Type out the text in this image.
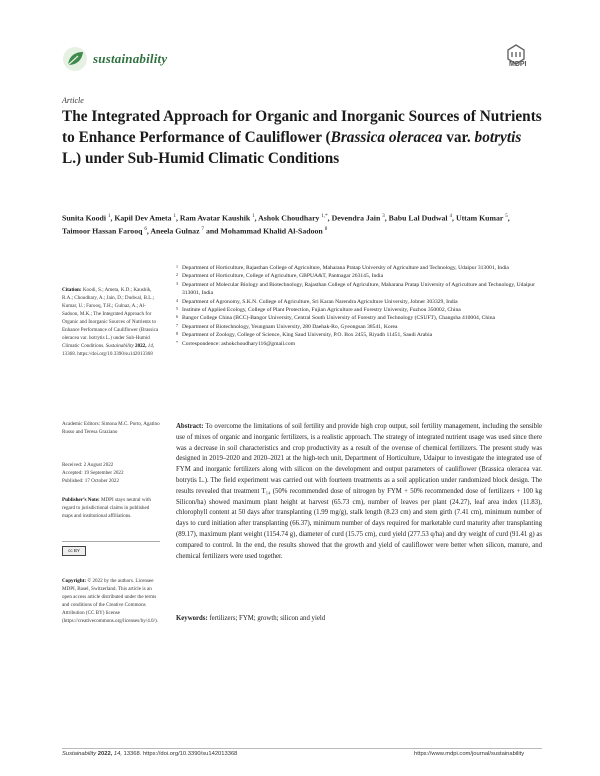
sustainability	MDPI
Article
The Integrated Approach for Organic and Inorganic Sources of Nutrients to Enhance Performance of Cauliflower (Brassica oleracea var. botrytis L.) under Sub-Humid Climatic Conditions
Sunita Koodi $^1$, Kapil Dev Ameta $^1$, Ram Avatar Kaushik $^1$, Ashok Choudhary $^{1,*}$, Devendra Jain $^3$, Babu Lal Dudwal $^4$, Uttam Kumar $^5$, Taimoor Hassan Farooq $^6$, Aneela Gulnaz $^7$ and Mohammad Khalid Al-Sadoon $^8$
1 Department of Horticulture, Rajasthan College of Agriculture, Maharana Pratap University of Agriculture and Technology, Udaipur 313001, India
2 Department of Horticulture, College of Agriculture, GBPUA&T, Pantnagar 263145, India
3 Department of Molecular Biology and Biotechnology, Rajasthan College of Agriculture, Maharana Pratap University of Agriculture and Technology, Udaipur 313001, India
4 Department of Agronomy, S.K.N. College of Agriculture, Sri Karan Narendra Agriculture University, Jobner 303329, India
5 Institute of Applied Ecology, College of Plant Protection, Fujian Agriculture and Forestry University, Fuzhou 350002, China
6 Bangor College China (BCC)-Bangor University, Central South University of Forestry and Technology (CSUFT), Changsha 410004, China
7 Department of Biotechnology, Yeungnam University, 280 Daehak-Ro, Gyeongsan 38541, Korea
8 Department of Zoology, College of Science, King Saud University, P.O. Box 2455, Riyadh 11451, Saudi Arabia
* Correspondence: ashokchoudhary116@gmail.com
Citation: Koodi, S.; Ameta, K.D.; Kaushik, R.A.; Choudhary, A.; Jain, D.; Dudwal, B.L.; Kumar, U.; Farooq, T.H.; Gulnaz, A.; Al-Sadoon, M.K.; The Integrated Approach for Organic and Inorganic Sources of Nutrients to Enhance Performance of Cauliflower (Brassica oleracea var. botrytis L.) under Sub-Humid Climatic Conditions. Sustainability 2022, 14, 13368. https://doi.org/10.3390/su142013368
Academic Editors: Simona M.C. Porto, Agatino Russo and Teresa Graziano
Received: 2 August 2022
Accepted: 19 September 2022
Published: 17 October 2022
Publisher’s Note: MDPI stays neutral with regard to jurisdictional claims in published maps and institutional affiliations.
cc BY
Copyright: © 2022 by the authors. Licensee MDPI, Basel, Switzerland. This article is an open access article distributed under the terms and conditions of the Creative Commons Attribution (CC BY) license (https://creativecommons.org/licenses/by/4.0/).
Abstract: To overcome the limitations of soil fertility and provide high crop output, soil fertility management, including the sensible use of mixes of organic and inorganic fertilizers, is a realistic approach. The strategy of integrated nutrient usage was used since there was a decrease in soil characteristics and crop productivity as a result of the overuse of chemical fertilizers. The present study was designed in 2019–2020 and 2020–2021 at the high-tech unit, Department of Horticulture, Udaipur to investigate the integrated use of FYM and inorganic fertilizers along with silicon on the development and output parameters of cauliflower (Brassica oleracea var. botrytis L.). The field experiment was carried out with fourteen treatments as a soil application under randomized block design. The results revealed that treatment T₁₄ (50% recommended dose of nitrogen by FYM + 50% recommended dose of fertilizers + 100 kg Silicon/ha) showed maximum plant height at harvest (65.73 cm), number of leaves per plant (24.27), leaf area index (11.83), chlorophyll content at 50 days after transplanting (1.99 mg/g), stalk length (8.23 cm) and stem girth (7.41 cm), minimum number of days to curd initiation after transplanting (66.37), minimum number of days required for marketable curd maturity after transplanting (89.17), maximum plant weight (1154.74 g), diameter of curd (15.75 cm), curd yield (277.53 q/ha) and dry weight of curd (91.41 g) as compared to control. In the end, the results showed that the growth and yield of cauliflower were better when silicon, manure, and chemical fertilizers were used together.
Keywords: fertilizers; FYM; growth; silicon and yield
Sustainability 2022, 14, 13368. https://doi.org/10.3390/su142013368	https://www.mdpi.com/journal/sustainability
